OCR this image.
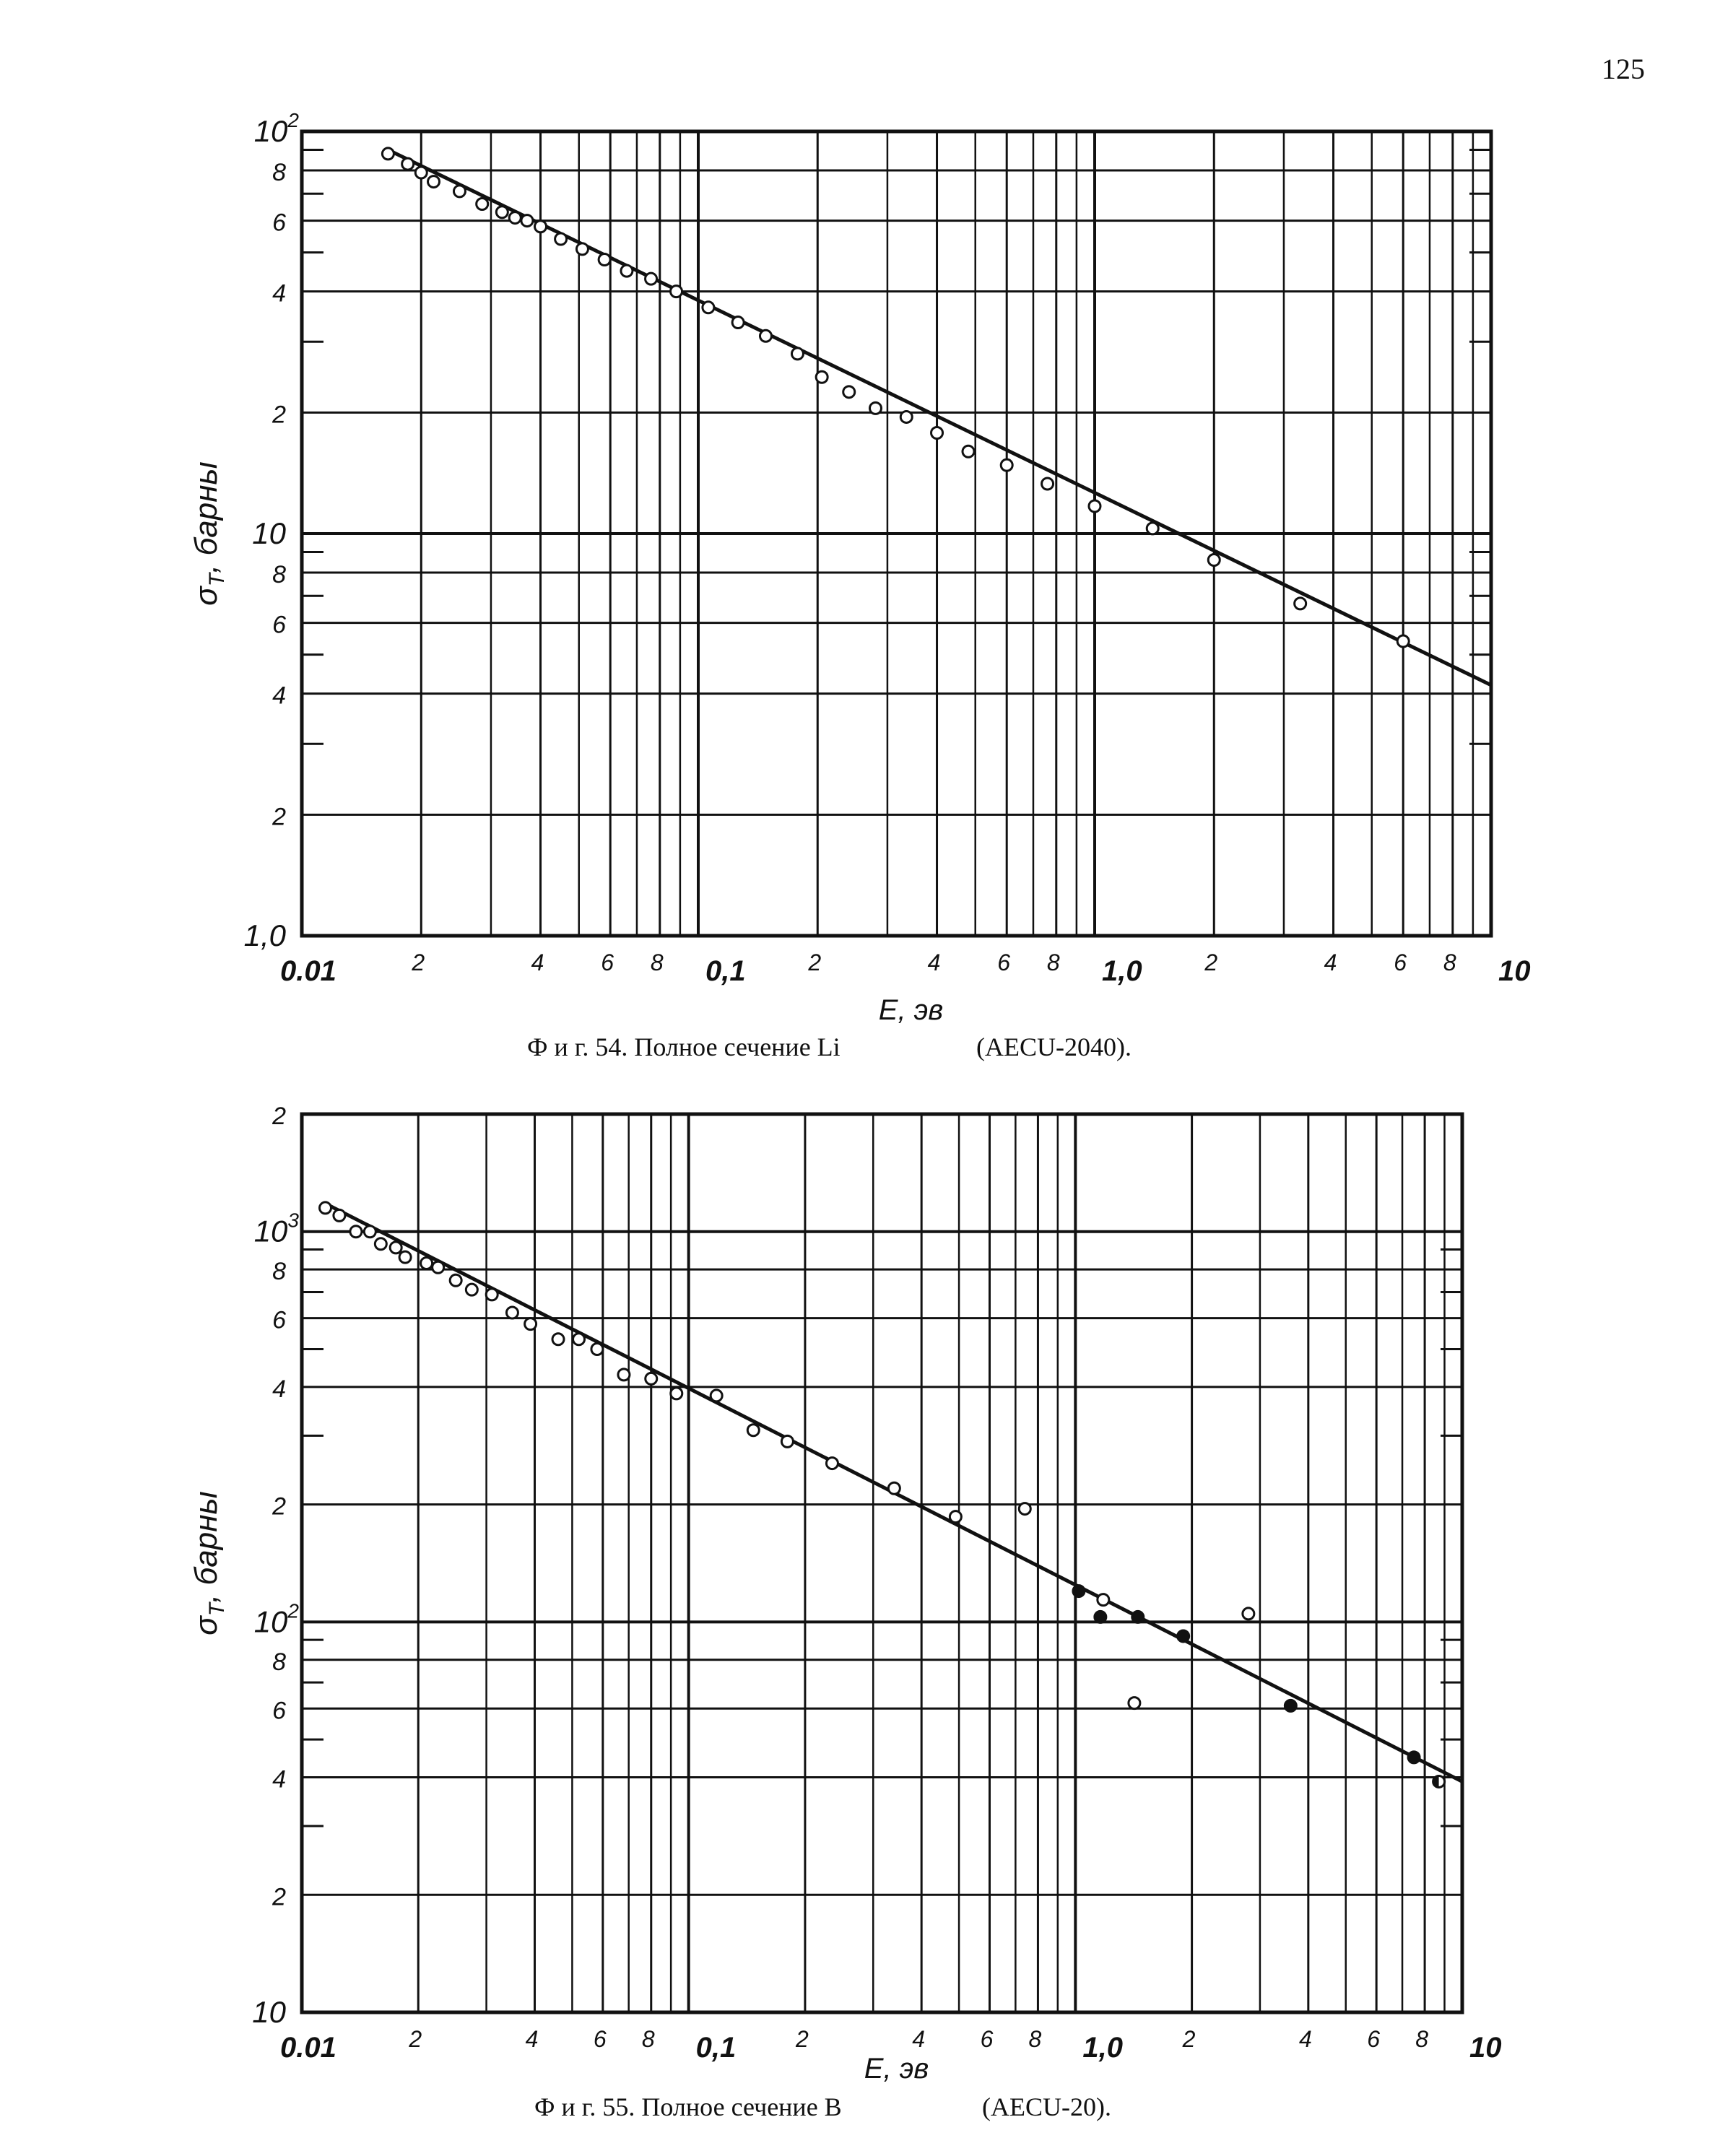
125
0.01	2	4 6 8 0,1	2	4 6 8 1,0	2	4 6 8 10
1,0
2
4
6
8
10
2
4
6
8
$10^2$
E, эв
$\sigma_T$, барны
Ф и г. 54. Полное сечение Li	(AECU-2040).
0.01	2	4 6 8 0,1	2	4 6 8 1,0	2	4 6 8 10
10
2
4
6
8
$10^2$
2
4
6
8
$10^3$
2
E, эв
$\sigma_T$, барны
Ф и г. 55. Полное сечение B	(AECU-20).
